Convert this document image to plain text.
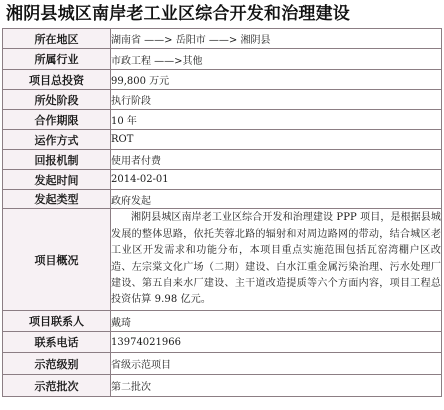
湘阴县城区南岸老工业区综合开发和治理建设
所在地区	湖南省 ——> 岳阳市 ——> 湘阴县
所属行业	市政工程 ——>其他
项目总投资	99,800 万元
所处阶段	执行阶段
合作期限	10 年
运作方式	ROT
回报机制	使用者付费
发起时间	2014-02-01
发起类型	政府发起
项目概况	湘阴县城区南岸老工业区综合开发和治理建设 PPP 项目，是根据县城发展的整体思路，依托芙蓉北路的辐射和对周边路网的带动，结合城区老工业区开发需求和功能分布，本项目重点实施范围包括瓦窑湾棚户区改造、左宗棠文化广场（二期）建设、白水江重金属污染治理、污水处理厂建设、第五自来水厂建设、主干道改造提质等六个方面内容，项目工程总投资估算 9.98 亿元。
项目联系人	戴琦
联系电话	13974021966
示范级别	省级示范项目
示范批次	第二批次
